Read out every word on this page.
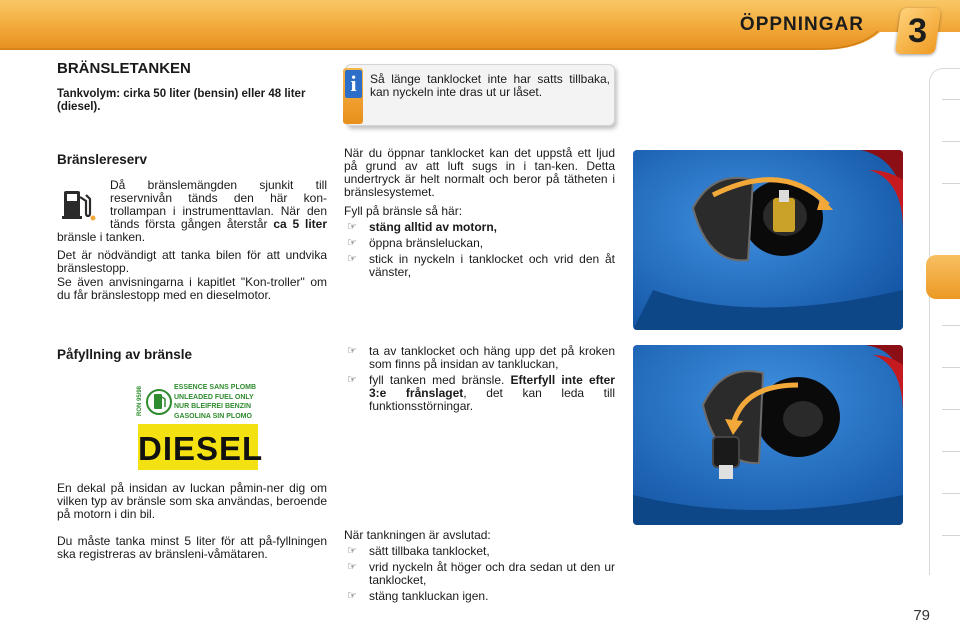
ÖPPNINGAR 3
BRÄNSLETANKEN
Tankvolym: cirka 50 liter (bensin) eller 48 liter (diesel).
Bränslereserv
Då bränslemängden sjunkit till reservnivån tänds den här kon-trollampan i instrumenttavlan. När den tänds första gången återstår ca 5 liter bränsle i tanken.
Det är nödvändigt att tanka bilen för att undvika bränslestopp.
Se även anvisningarna i kapitlet "Kon-troller" om du får bränslestopp med en dieselmotor.
Påfyllning av bränsle
RON 95/98	ESSENCE SANS PLOMB
UNLEADED FUEL ONLY
NUR BLEIFREI BENZIN
GASOLINA SIN PLOMO
DIESEL
En dekal på insidan av luckan påmin-ner dig om vilken typ av bränsle som ska användas, beroende på motorn i din bil.
Du måste tanka minst 5 liter för att på-fyllningen ska registreras av bränsleni-våmätaren.
i	Så länge tanklocket inte har satts tillbaka, kan nyckeln inte dras ut ur låset.
När du öppnar tanklocket kan det uppstå ett ljud på grund av att luft sugs in i tan-ken. Detta undertryck är helt normalt och beror på tätheten i bränslesystemet.
Fyll på bränsle så här:
☞ stäng alltid av motorn,
☞ öppna bränsleluckan,
☞ stick in nyckeln i tanklocket och vrid den åt vänster,
☞ ta av tanklocket och häng upp det på kroken som finns på insidan av tankluckan,
☞ fyll tanken med bränsle. Efterfyll inte efter 3:e frånslaget, det kan leda till funktionsstörningar.
När tankningen är avslutad:
☞ sätt tillbaka tanklocket,
☞ vrid nyckeln åt höger och dra sedan ut den ur tanklocket,
☞ stäng tankluckan igen.
79
